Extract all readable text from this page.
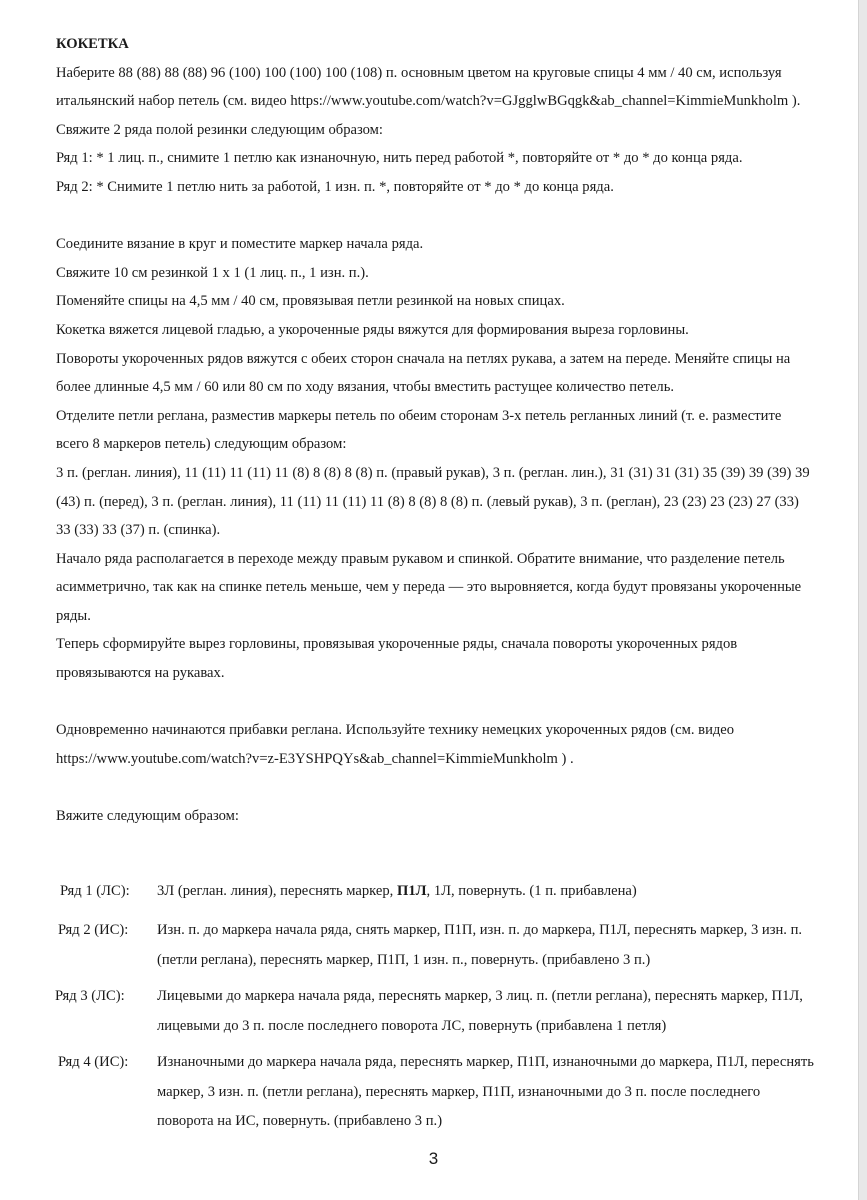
КОКЕТКА

Наберите 88 (88) 88 (88) 96 (100) 100 (100) 100 (108) п. основным цветом на круговые спицы 4 мм / 40 см, используя итальянский набор петель (см. видео https://www.youtube.com/watch?v=GJgglwBGqgk&ab_channel=KimmieMunkholm ).

Свяжите 2 ряда полой резинки следующим образом:

Ряд 1: * 1 лиц. п., снимите 1 петлю как изнаночную, нить перед работой *, повторяйте от * до * до конца ряда.

Ряд 2: * Снимите 1 петлю нить за работой, 1 изн. п. *, повторяйте от * до * до конца ряда.

Соедините вязание в круг и поместите маркер начала ряда.

Свяжите 10 см резинкой 1 х 1 (1 лиц. п., 1 изн. п.).

Поменяйте спицы на 4,5 мм / 40 см, провязывая петли резинкой на новых спицах.

Кокетка вяжется лицевой гладью, а укороченные ряды вяжутся для формирования выреза горловины.

Повороты укороченных рядов вяжутся с обеих сторон сначала на петлях рукава, а затем на переде. Меняйте спицы на более длинные 4,5 мм / 60 или 80 см по ходу вязания, чтобы вместить растущее количество петель.

Отделите петли реглана, разместив маркеры петель по обеим сторонам 3-х петель регланных линий (т. е. разместите всего 8 маркеров петель) следующим образом:

3 п. (реглан. линия), 11 (11) 11 (11) 11 (8) 8 (8) 8 (8) п. (правый рукав), 3 п. (реглан. лин.), 31 (31) 31 (31) 35 (39) 39 (39) 39 (43) п. (перед), 3 п. (реглан. линия), 11 (11) 11 (11) 11 (8) 8 (8) 8 (8) п. (левый рукав), 3 п. (реглан), 23 (23) 23 (23) 27 (33) 33 (33) 33 (37) п. (спинка).

Начало ряда располагается в переходе между правым рукавом и спинкой. Обратите внимание, что разделение петель асимметрично, так как на спинке петель меньше, чем у переда — это выровняется, когда будут провязаны укороченные ряды.

Теперь сформируйте вырез горловины, провязывая укороченные ряды, сначала повороты укороченных рядов провязываются на рукавах.

Одновременно начинаются прибавки реглана. Используйте технику немецких укороченных рядов (см. видео https://www.youtube.com/watch?v=z-E3YSHPQYs&ab_channel=KimmieMunkholm ) .

Вяжите следующим образом:

Ряд 1 (ЛС): 3Л (реглан. линия), переснять маркер, П1Л, 1Л, повернуть. (1 п. прибавлена)
Ряд 2 (ИС): Изн. п. до маркера начала ряда, снять маркер, П1П, изн. п. до маркера, П1Л, переснять маркер, 3 изн. п. (петли реглана), переснять маркер, П1П, 1 изн. п., повернуть. (прибавлено 3 п.)
Ряд 3 (ЛС): Лицевыми до маркера начала ряда, переснять маркер, 3 лиц. п. (петли реглана), переснять маркер, П1Л, лицевыми до 3 п. после последнего поворота ЛС, повернуть (прибавлена 1 петля)
Ряд 4 (ИС): Изнаночными до маркера начала ряда, переснять маркер, П1П, изнаночными до маркера, П1Л, переснять маркер, 3 изн. п. (петли реглана), переснять маркер, П1П, изнаночными до 3 п. после последнего поворота на ИС, повернуть. (прибавлено 3 п.)
3
